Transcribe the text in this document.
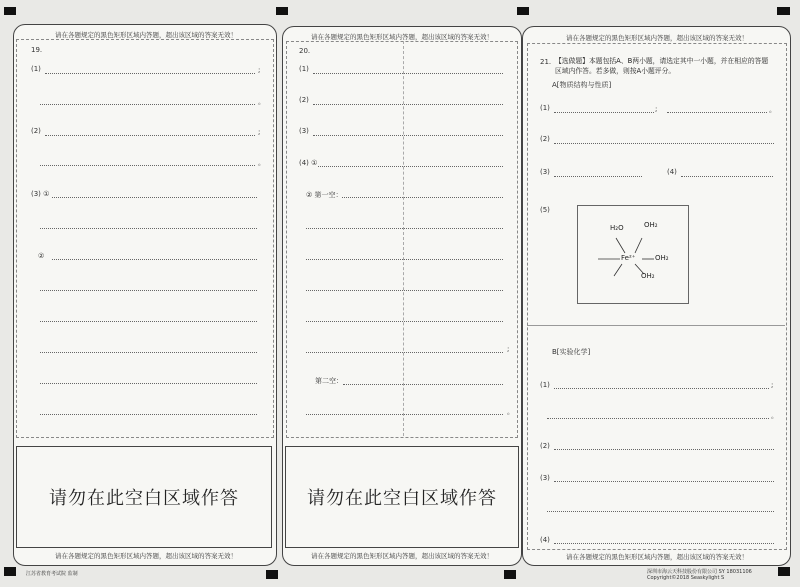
请在各题规定的黑色矩形区域内答题，超出该区域的答案无效！
19.
(1)	;
。
(2)	;
。
(3) ①
②
请勿在此空白区域作答
请在各题规定的黑色矩形区域内答题，超出该区域的答案无效！
请在各题规定的黑色矩形区域内答题，超出该区域的答案无效！
20.
(1)
(2)
(3)
(4) ①
② 第一空：
;
第二空：
。
请勿在此空白区域作答
请在各题规定的黑色矩形区域内答题，超出该区域的答案无效！
请在各题规定的黑色矩形区域内答题，超出该区域的答案无效！
21. 【选做题】本题包括A、B两小题，请选定其中一小题，并在相应的答题区域内作答。若多做，则按A小题评分。
A[物质结构与性质]
(1)	;	。
(2)
(3)	(4)
(5)
H₂O	OH₂
Fe²⁺	OH₂
OH₂
B[实验化学]
(1)	;
。
(2)
(3)
(4)
请在各题规定的黑色矩形区域内答题，超出该区域的答案无效！
江苏省教育考试院 监制	深圳市海云天科技股份有限公司 SY 18031106
Copyright©2018 Seaskylight S
